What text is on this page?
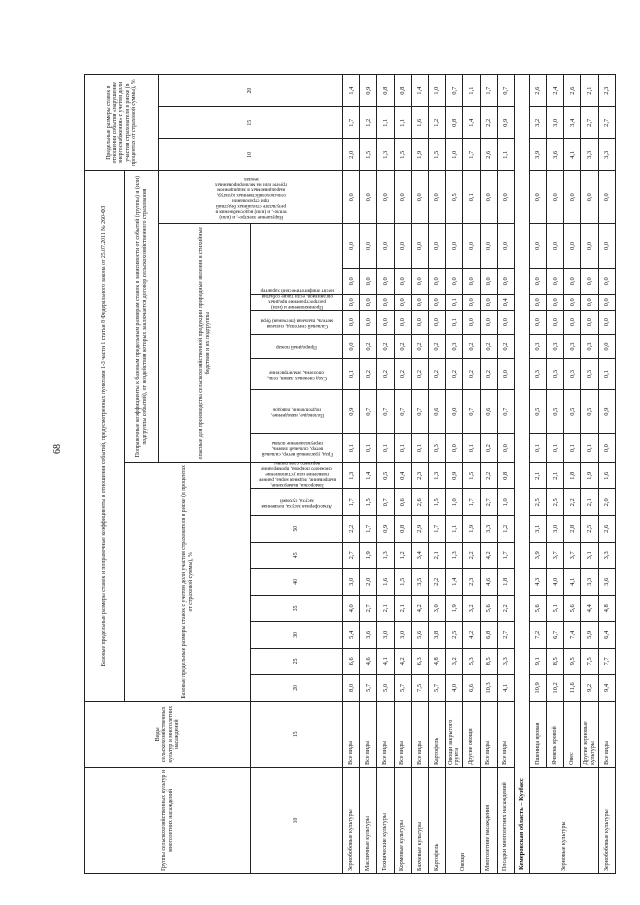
68
Группы сельскохозяйственных культур и многолетних насаждений	Виды сельскохозяйственных культур и многолетних насаждений	Базовые предельные размеры ставок и поправочные коэффициенты в отношении событий, предусмотренных пунктами 1-3 части 1 статьи 8 Федерального закона от 25.07.2011 № 260-ФЗ																		Предельные размеры ставок в отношении события «нарушение энергоснабжения» с учетом доли участия страхователя в риске (в процентах от страховой суммы), %		
		Базовые предельные размеры ставок с учетом доли участия страхователя в риске (в процентах от страховой суммы), %									Поправочные коэффициенты к базовым предельным размерам ставок в зависимости от событий (группы) и (или) подгруппы событий), от воздействия которых заключается договор сельскохозяйственного страхования											
											опасные для производства сельскохозяйственной продукции природные явления и стихийные бедствия и их подгруппы								Нарушение электро-, и (или) тепло-, и (или) водоснабжения в результате стихийных бедствий при страховании сельскохозяйственных культур, выращиваемых в защищенном грунте или на мелиорированных землях	10	15	20
10	15	20	25	30	35	40	45	50	Атмосферная засуха, почвенная засуха, суховей	Заморозки, вымерзание, выпревание, ледяная корка, раннее появление или установление снежного покрова, промерзание верхнего слоя почвы	Град, ураганный ветер, сильный ветер, сильный ливень, переувлажнение почвы	Половодье, наводнение, подтопление, паводок	Сход снежных лавин, сель, оползень, землетрясение	Природный пожар	Сильный снегопад, сильная метель, пыльная (песчаная) буря	Проникновение и (или) распространение вредных организмов, если такие события носят эпифитотический характер						

Зернобобовые культуры	Все виды	8,0	6,6	5,4	4,0	3,0	2,7	2,2	1,7	1,3	0,1	0,9	0,1	0,0	0,0	0,0	0,0	0,0	0,0	2,0	1,7	1,4
Масличные культуры	Все виды	5,7	4,6	3,6	2,7	2,0	1,9	1,7	1,5	1,4	0,1	0,7	0,2	0,2	0,0	0,0	0,0	0,0	0,0	1,5	1,2	0,9
Технические культуры	Все виды	5,0	4,1	3,0	2,1	1,6	1,3	0,9	0,7	0,5	0,1	0,7	0,2	0,2	0,0	0,0	0,0	0,0	0,0	1,3	1,1	0,8
Кормовые культуры	Все виды	5,7	4,2	3,0	2,1	1,5	1,2	0,8	0,6	0,4	0,1	0,7	0,2	0,2	0,0	0,0	0,0	0,0	0,0	1,5	1,1	0,8
Бахчевые культуры	Все виды	7,5	6,3	5,6	4,2	3,5	3,4	2,9	2,6	2,3	0,1	0,7	0,2	0,2	0,0	0,0	0,0	0,0	0,0	1,9	1,6	1,4
Картофель	Картофель	5,7	4,8	3,8	3,0	2,2	2,1	1,7	1,5	1,3	0,3	0,6	0,2	0,2	0,0	0,0	0,0	0,0	0,0	1,5	1,2	1,0
Овощи	Овощи закрытого грунта	4,0	3,2	2,5	1,9	1,4	1,3	1,1	1,0	0,9	0,0	0,0	0,2	0,3	0,1	0,1	0,0	0,0	0,5	1,0	0,8	0,7
	Другие овощи	6,6	5,3	4,2	3,2	2,3	2,2	1,9	1,7	1,5	0,1	0,7	0,2	0,2	0,0	0,0	0,0	0,0	0,1	1,7	1,4	1,1
Многолетние насаждения	Все виды	10,3	8,5	6,8	5,6	4,6	4,2	3,3	2,7	2,2	0,2	0,6	0,2	0,2	0,0	0,0	0,0	0,0	0,0	2,6	2,2	1,7
Посадки многолетних насаждений	Все виды	4,1	3,3	2,7	2,2	1,8	1,7	1,2	1,0	0,8	0,0	0,7	0,0	0,2	0,0	0,4	0,0	0,0	0,0	1,1	0,9	0,7
Кемеровская область – Кузбасс																						
Зерновые культуры	Пшеница яровая	10,9	9,1	7,2	5,6	4,3	3,9	3,1	2,5	2,1	0,1	0,5	0,3	0,3	0,0	0,0	0,0	0,0	0,0	3,9	3,2	2,6
	Ячмень яровой	10,2	8,5	6,7	5,1	4,0	3,7	3,0	2,5	2,1	0,1	0,5	0,3	0,3	0,0	0,0	0,0	0,0	0,0	3,6	3,0	2,4
	Овес	11,6	9,5	7,4	5,6	4,1	3,7	2,8	2,2	1,8	0,1	0,5	0,3	0,3	0,0	0,0	0,0	0,0	0,0	4,1	3,4	2,6
	Другие зерновые культуры	9,2	7,5	5,9	4,4	3,3	3,1	2,5	2,1	1,9	0,1	0,5	0,3	0,3	0,0	0,0	0,0	0,0	0,0	3,3	2,7	2,1
Зернобобовые культуры	Все виды	9,4	7,7	6,4	4,8	3,6	3,3	2,6	2,0	1,6	0,0	0,9	0,1	0,0	0,0	0,0	0,0	0,0	0,0	3,3	2,7	2,3
